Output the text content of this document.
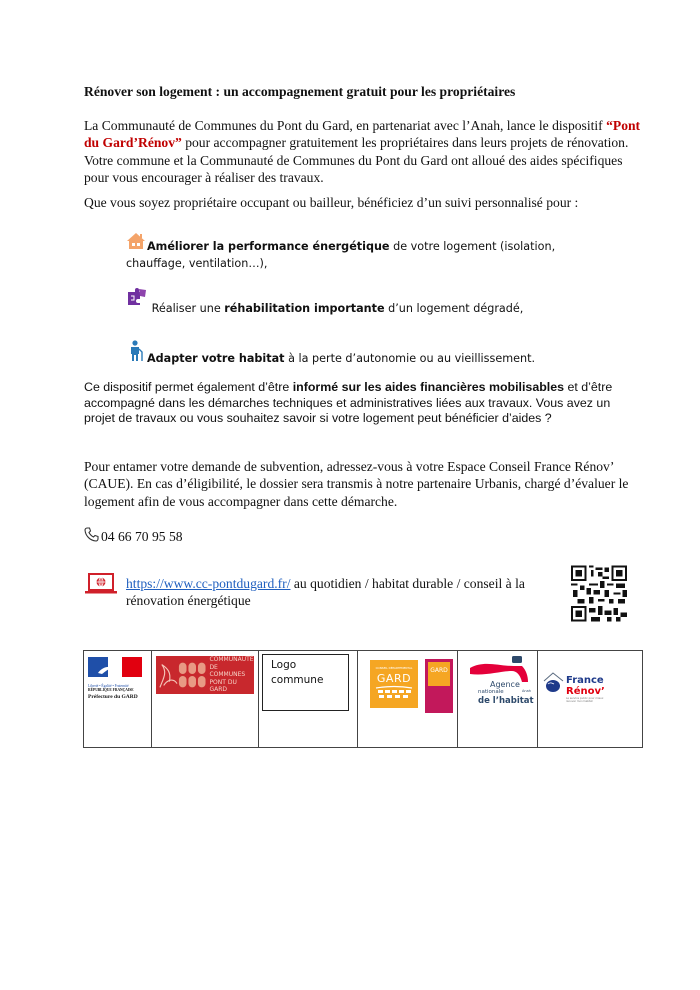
Rénover son logement : un accompagnement gratuit pour les propriétaires

La Communauté de Communes du Pont du Gard, en partenariat avec l’Anah, lance le dispositif “Pont du Gard’Rénov” pour accompagner gratuitement les propriétaires dans leurs projets de rénovation. Votre commune et la Communauté de Communes du Pont du Gard ont alloué des aides spécifiques pour vous encourager à réaliser des travaux.

Que vous soyez propriétaire occupant ou bailleur, bénéficiez d’un suivi personnalisé pour :

Améliorer la performance énergétique de votre logement (isolation, chauffage, ventilation…),

Réaliser une réhabilitation importante d’un logement dégradé,

Adapter votre habitat à la perte d’autonomie ou au vieillissement.

Ce dispositif permet également d’être informé sur les aides financières mobilisables et d’être accompagné dans les démarches techniques et administratives liées aux travaux. Vous avez un projet de travaux ou vous souhaitez savoir si votre logement peut bénéficier d’aides ?

Pour entamer votre demande de subvention, adressez-vous à votre Espace Conseil France Rénov’ (CAUE). En cas d’éligibilité, le dossier sera transmis à notre partenaire Urbanis, chargé d’évaluer le logement afin de vous accompagner dans cette démarche.

04 66 70 95 58

https://www.cc-pontdugard.fr/ au quotidien / habitat durable / conseil à la rénovation énergétique

Liberté • Égalité • Fraternité
RÉPUBLIQUE FRANÇAISE
Préfecture du GARD

COMMUNAUTÉ
DE COMMUNES
PONT DU GARD

Logo
commune

CONSEIL DÉPARTEMENTAL
GARD
GARD

Agence
nationale
de l’habitat
Anah

France
Rénov’
Le service public pour mieux rénover mon habitat
